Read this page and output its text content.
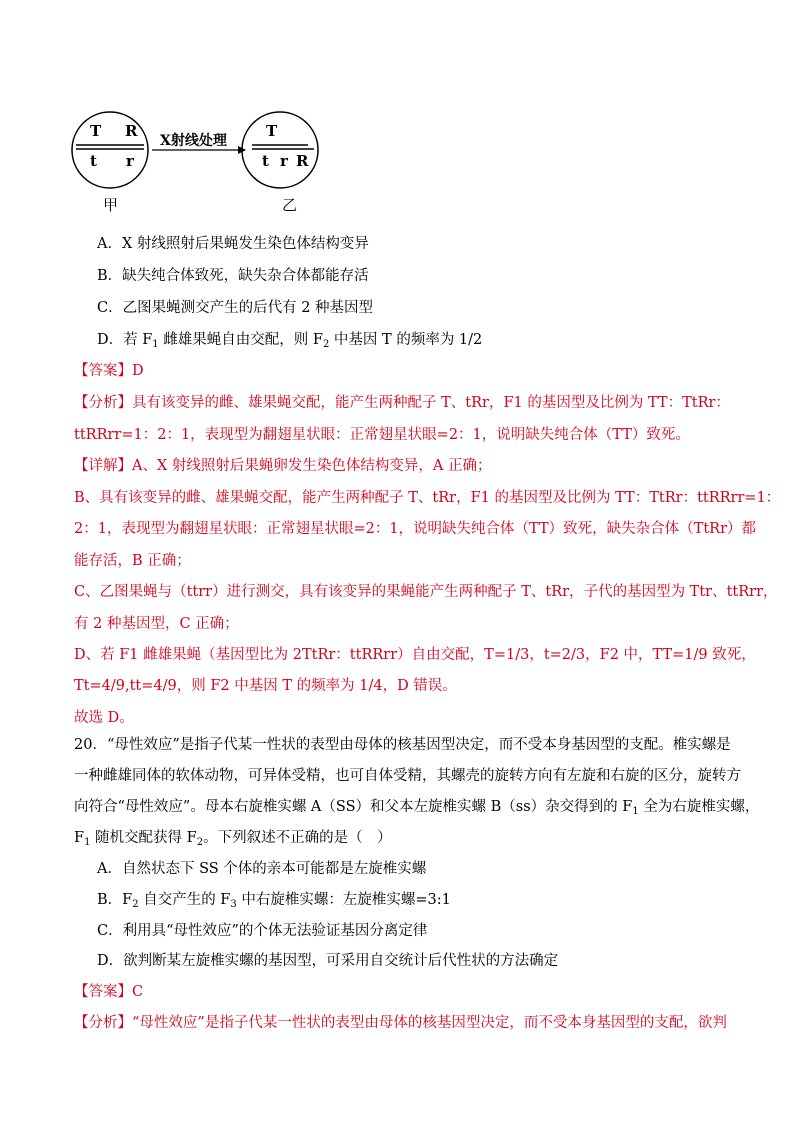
T R
t r
X射线处理
T
t r R
甲	乙
A．X 射线照射后果蝇发生染色体结构变异
B．缺失纯合体致死，缺失杂合体都能存活
C．乙图果蝇测交产生的后代有 2 种基因型
D．若 $F_1$ 雌雄果蝇自由交配，则 $F_2$ 中基因 T 的频率为 1/2
【答案】D
【分析】具有该变异的雌、雄果蝇交配，能产生两种配子 T、tRr，F1 的基因型及比例为 TT：TtRr：
ttRRrr=1：2：1，表现型为翻翅星状眼：正常翅星状眼=2：1，说明缺失纯合体（TT）致死。
【详解】A、X 射线照射后果蝇卵发生染色体结构变异，A 正确；
B、具有该变异的雌、雄果蝇交配，能产生两种配子 T、tRr，F1 的基因型及比例为 TT：TtRr：ttRRrr=1：
2：1，表现型为翻翅星状眼：正常翅星状眼=2：1，说明缺失纯合体（TT）致死，缺失杂合体（TtRr）都
能存活，B 正确；
C、乙图果蝇与（ttrr）进行测交，具有该变异的果蝇能产生两种配子 T、tRr，子代的基因型为 Ttr、ttRrr，
有 2 种基因型，C 正确；
D、若 F1 雌雄果蝇（基因型比为 2TtRr：ttRRrr）自由交配，T=1/3，t=2/3，F2 中，TT=1/9 致死，
Tt=4/9,tt=4/9，则 F2 中基因 T 的频率为 1/4，D 错误。
故选 D。
20．“母性效应”是指子代某一性状的表型由母体的核基因型决定，而不受本身基因型的支配。椎实螺是
一种雌雄同体的软体动物，可异体受精，也可自体受精，其螺壳的旋转方向有左旋和右旋的区分，旋转方
向符合“母性效应”。母本右旋椎实螺 A（SS）和父本左旋椎实螺 B（ss）杂交得到的 $F_1$ 全为右旋椎实螺，
$F_1$ 随机交配获得 $F_2$。下列叙述不正确的是（　）
A．自然状态下 SS 个体的亲本可能都是左旋椎实螺
B．$F_2$ 自交产生的 $F_3$ 中右旋椎实螺：左旋椎实螺=3:1
C．利用具“母性效应”的个体无法验证基因分离定律
D．欲判断某左旋椎实螺的基因型，可采用自交统计后代性状的方法确定
【答案】C
【分析】“母性效应”是指子代某一性状的表型由母体的核基因型决定，而不受本身基因型的支配，欲判
